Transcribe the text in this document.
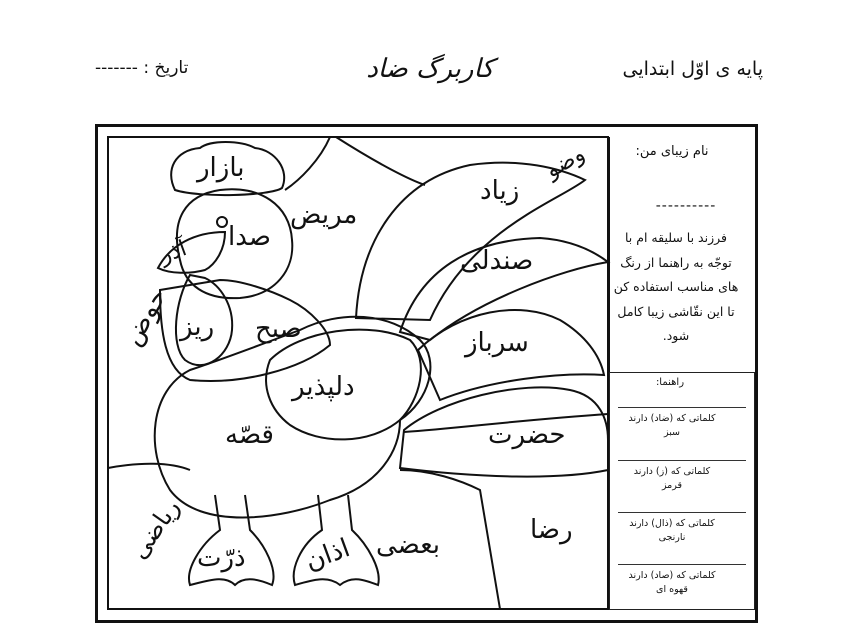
پایه ی اوّل ابتدایی
کاربرگ ضاد
------- : تاریخ
بازار	وضو
مریض
زیاد
صدا
آذر	صندلی
حوض ریز صبح	سرباز
دلپذیر
قصّه	حضرت
ریاضی ذرّت اذان بعضی	رضا
نام زیبای من:
----------
فرزند با سلیقه ام با توجّه به راهنما از رنگ های مناسب استفاده کن تا این نقّاشی زیبا کامل شود.
راهنما:
کلماتی که (ضاد) دارند
سبز
کلماتی که (ز) دارند
قرمز
کلماتی که (ذال) دارند
نارنجی
کلماتی که (صاد) دارند
قهوه ای
